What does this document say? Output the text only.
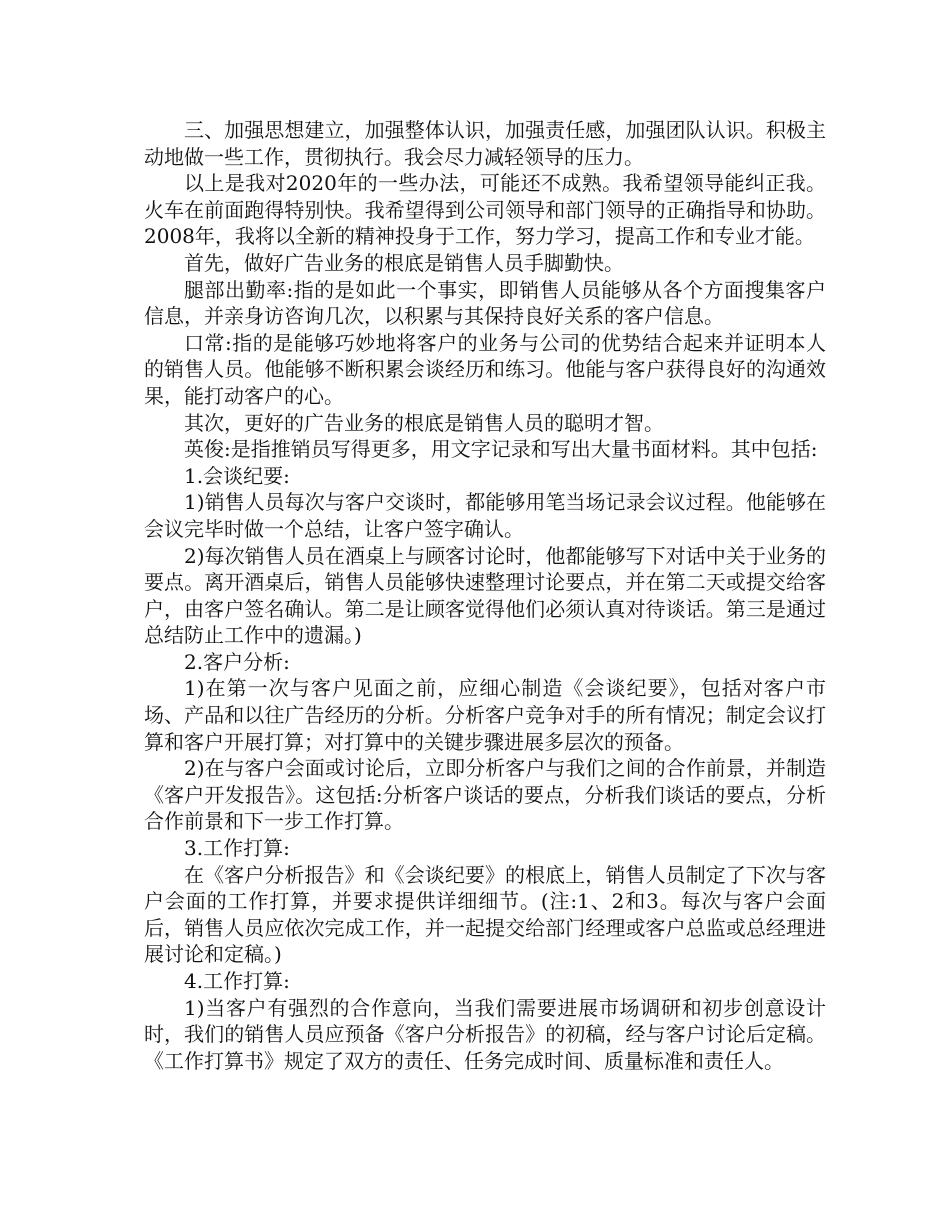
三、加强思想建立，加强整体认识，加强责任感，加强团队认识。积极主动地做一些工作，贯彻执行。我会尽力减轻领导的压力。

以上是我对2020年的一些办法，可能还不成熟。我希望领导能纠正我。火车在前面跑得特别快。我希望得到公司领导和部门领导的正确指导和协助。2008年，我将以全新的精神投身于工作，努力学习，提高工作和专业才能。

首先，做好广告业务的根底是销售人员手脚勤快。

腿部出勤率:指的是如此一个事实，即销售人员能够从各个方面搜集客户信息，并亲身访咨询几次，以积累与其保持良好关系的客户信息。

口常:指的是能够巧妙地将客户的业务与公司的优势结合起来并证明本人的销售人员。他能够不断积累会谈经历和练习。他能与客户获得良好的沟通效果，能打动客户的心。

其次，更好的广告业务的根底是销售人员的聪明才智。

英俊:是指推销员写得更多，用文字记录和写出大量书面材料。其中包括:

1.会谈纪要:

1)销售人员每次与客户交谈时，都能够用笔当场记录会议过程。他能够在会议完毕时做一个总结，让客户签字确认。

2)每次销售人员在酒桌上与顾客讨论时，他都能够写下对话中关于业务的要点。离开酒桌后，销售人员能够快速整理讨论要点，并在第二天或提交给客户，由客户签名确认。第二是让顾客觉得他们必须认真对待谈话。第三是通过总结防止工作中的遗漏。)

2.客户分析:

1)在第一次与客户见面之前，应细心制造《会谈纪要》，包括对客户市场、产品和以往广告经历的分析。分析客户竞争对手的所有情况；制定会议打算和客户开展打算；对打算中的关键步骤进展多层次的预备。

2)在与客户会面或讨论后，立即分析客户与我们之间的合作前景，并制造《客户开发报告》。这包括:分析客户谈话的要点，分析我们谈话的要点，分析合作前景和下一步工作打算。

3.工作打算:

在《客户分析报告》和《会谈纪要》的根底上，销售人员制定了下次与客户会面的工作打算，并要求提供详细细节。(注:1、2和3。每次与客户会面后，销售人员应依次完成工作，并一起提交给部门经理或客户总监或总经理进展讨论和定稿。)

4.工作打算:

1)当客户有强烈的合作意向，当我们需要进展市场调研和初步创意设计时，我们的销售人员应预备《客户分析报告》的初稿，经与客户讨论后定稿。《工作打算书》规定了双方的责任、任务完成时间、质量标准和责任人。
